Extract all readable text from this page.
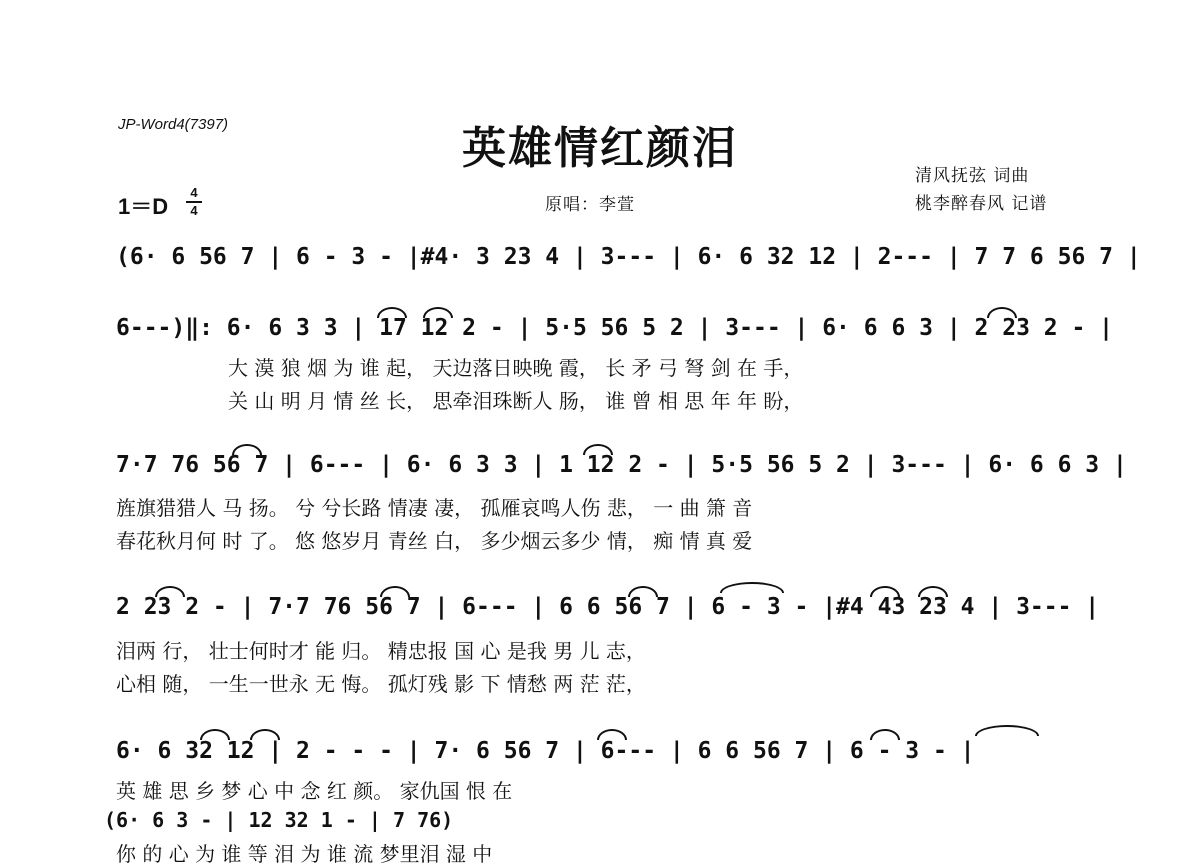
JP-Word4(7397)	英雄情红颜泪
清风抚弦 词曲
桃李醉春风 记谱
原唱：李萱
1＝D
4
4
(6· 6 56 7 | 6 - 3 - |#4· 3 23 4 | 3--- | 6· 6 32 12 | 2--- | 7 7 6 56 7 |
6---)‖: 6· 6 3 3 | 17 12 2 - | 5·5 56 5 2 | 3--- | 6· 6 6 3 | 2 23 2 - |
大 漠 狼 烟 为 谁 起， 天边落日映晚 霞， 长 矛 弓 弩 剑 在 手，
关 山 明 月 情 丝 长， 思牵泪珠断人 肠， 谁 曾 相 思 年 年 盼，
7·7 76 56 7 | 6--- | 6· 6 3 3 | 1 12 2 - | 5·5 56 5 2 | 3--- | 6· 6 6 3 |
旌旗猎猎人 马 扬。 兮 兮长路 情凄 凄， 孤雁哀鸣人伤 悲， 一 曲 箫 音
春花秋月何 时 了。 悠 悠岁月 青丝 白， 多少烟云多少 情， 痴 情 真 爱
2 23 2 - | 7·7 76 56 7 | 6--- | 6 6 56 7 | 6 - 3 - |#4 43 23 4 | 3--- |
泪两 行， 壮士何时才 能 归。 精忠报 国 心 是我 男 儿 志，
心相 随， 一生一世永 无 悔。 孤灯残 影 下 情愁 两 茫 茫，
6· 6 32 12 | 2 - - - | 7· 6 56 7 | 6--- | 6 6 56 7 | 6 - 3 - |
英 雄 思 乡 梦 心 中 念 红 颜。 家仇国 恨 在
(6· 6 3 - | 12 32 1 - | 7 76)
你 的 心 为 谁 等 泪 为 谁 流 梦里泪 湿 中
